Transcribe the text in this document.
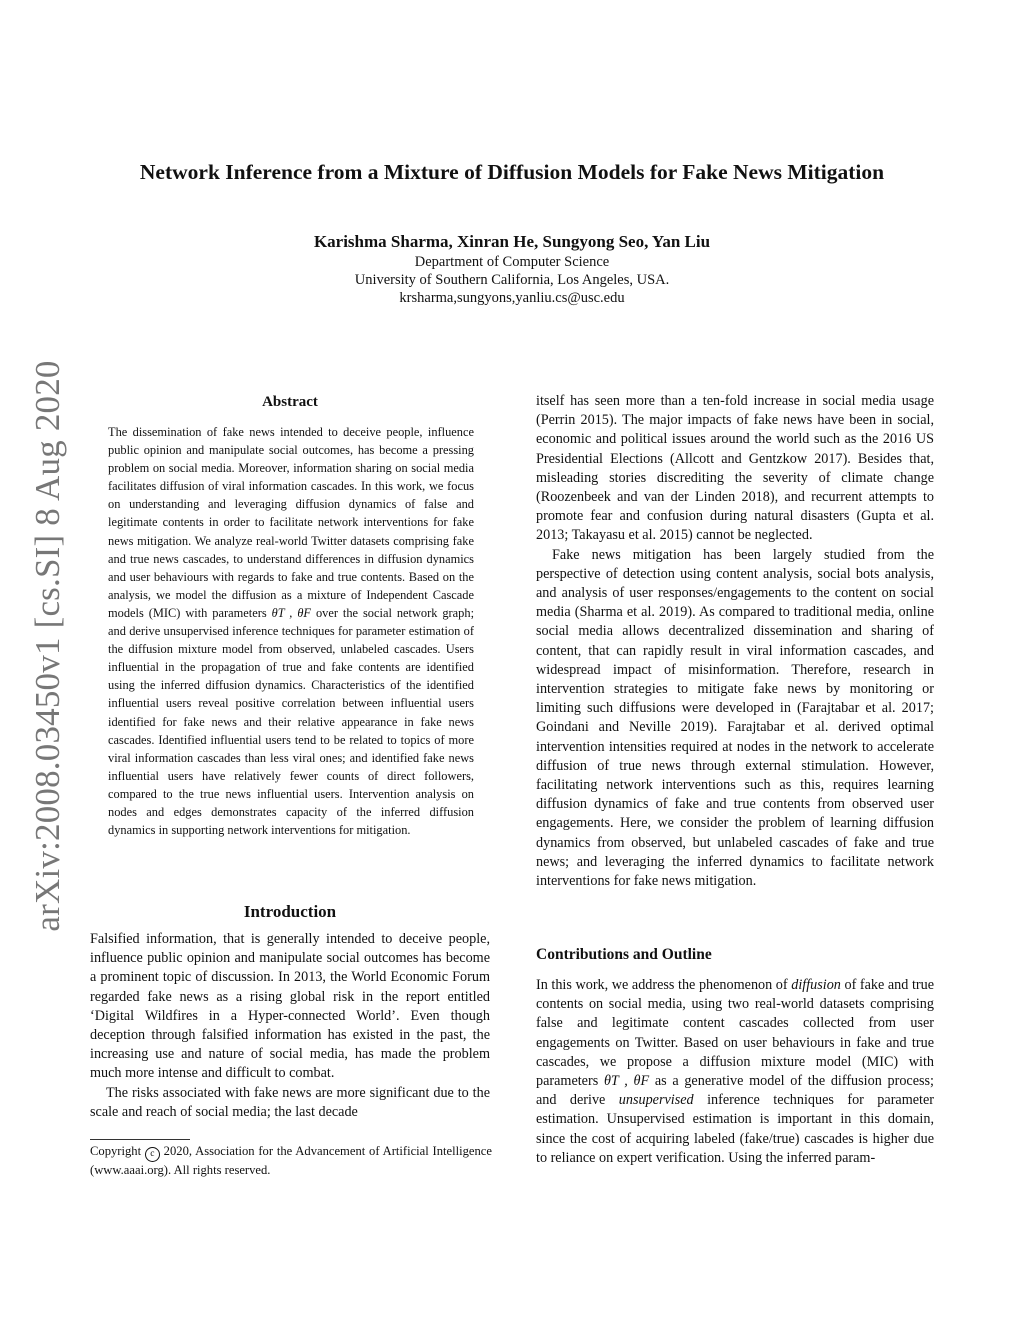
Network Inference from a Mixture of Diffusion Models for Fake News Mitigation
Karishma Sharma, Xinran He, Sungyong Seo, Yan Liu
Department of Computer Science
University of Southern California, Los Angeles, USA.
krsharma,sungyons,yanliu.cs@usc.edu
arXiv:2008.03450v1 [cs.SI] 8 Aug 2020	Abstract
The dissemination of fake news intended to deceive people, influence public opinion and manipulate social outcomes, has become a pressing problem on social media. Moreover, information sharing on social media facilitates diffusion of viral information cascades. In this work, we focus on understanding and leveraging diffusion dynamics of false and legitimate contents in order to facilitate network interventions for fake news mitigation. We analyze real-world Twitter datasets comprising fake and true news cascades, to understand differences in diffusion dynamics and user behaviours with regards to fake and true contents. Based on the analysis, we model the diffusion as a mixture of Independent Cascade models (MIC) with parameters θT , θF over the social network graph; and derive unsupervised inference techniques for parameter estimation of the diffusion mixture model from observed, unlabeled cascades. Users influential in the propagation of true and fake contents are identified using the inferred diffusion dynamics. Characteristics of the identified influential users reveal positive correlation between influential users identified for fake news and their relative appearance in fake news cascades. Identified influential users tend to be related to topics of more viral information cascades than less viral ones; and identified fake news influential users have relatively fewer counts of direct followers, compared to the true news influential users. Intervention analysis on nodes and edges demonstrates capacity of the inferred diffusion dynamics in supporting network interventions for mitigation.
Introduction

Falsified information, that is generally intended to deceive people, influence public opinion and manipulate social outcomes has become a prominent topic of discussion. In 2013, the World Economic Forum regarded fake news as a rising global risk in the report entitled ‘Digital Wildfires in a Hyper-connected World’. Even though deception through falsified information has existed in the past, the increasing use and nature of social media, has made the problem much more intense and difficult to combat.

The risks associated with fake news are more significant due to the scale and reach of social media; the last decade

Copyright c 2020, Association for the Advancement of Artificial Intelligence (www.aaai.org). All rights reserved.

itself has seen more than a ten-fold increase in social media usage (Perrin 2015). The major impacts of fake news have been in social, economic and political issues around the world such as the 2016 US Presidential Elections (Allcott and Gentzkow 2017). Besides that, misleading stories discrediting the severity of climate change (Roozenbeek and van der Linden 2018), and recurrent attempts to promote fear and confusion during natural disasters (Gupta et al. 2013; Takayasu et al. 2015) cannot be neglected.

Fake news mitigation has been largely studied from the perspective of detection using content analysis, social bots analysis, and analysis of user responses/engagements to the content on social media (Sharma et al. 2019). As compared to traditional media, online social media allows decentralized dissemination and sharing of content, that can rapidly result in viral information cascades, and widespread impact of misinformation. Therefore, research in intervention strategies to mitigate fake news by monitoring or limiting such diffusions were developed in (Farajtabar et al. 2017; Goindani and Neville 2019). Farajtabar et al. derived optimal intervention intensities required at nodes in the network to accelerate diffusion of true news through external stimulation. However, facilitating network interventions such as this, requires learning diffusion dynamics of fake and true contents from observed user engagements. Here, we consider the problem of learning diffusion dynamics from observed, but unlabeled cascades of fake and true news; and leveraging the inferred dynamics to facilitate network interventions for fake news mitigation.

Contributions and Outline

In this work, we address the phenomenon of diffusion of fake and true contents on social media, using two real-world datasets comprising false and legitimate content cascades collected from user engagements on Twitter. Based on user behaviours in fake and true cascades, we propose a diffusion mixture model (MIC) with parameters θT , θF as a generative model of the diffusion process; and derive unsupervised inference techniques for parameter estimation. Unsupervised estimation is important in this domain, since the cost of acquiring labeled (fake/true) cascades is higher due to reliance on expert verification. Using the inferred param-
